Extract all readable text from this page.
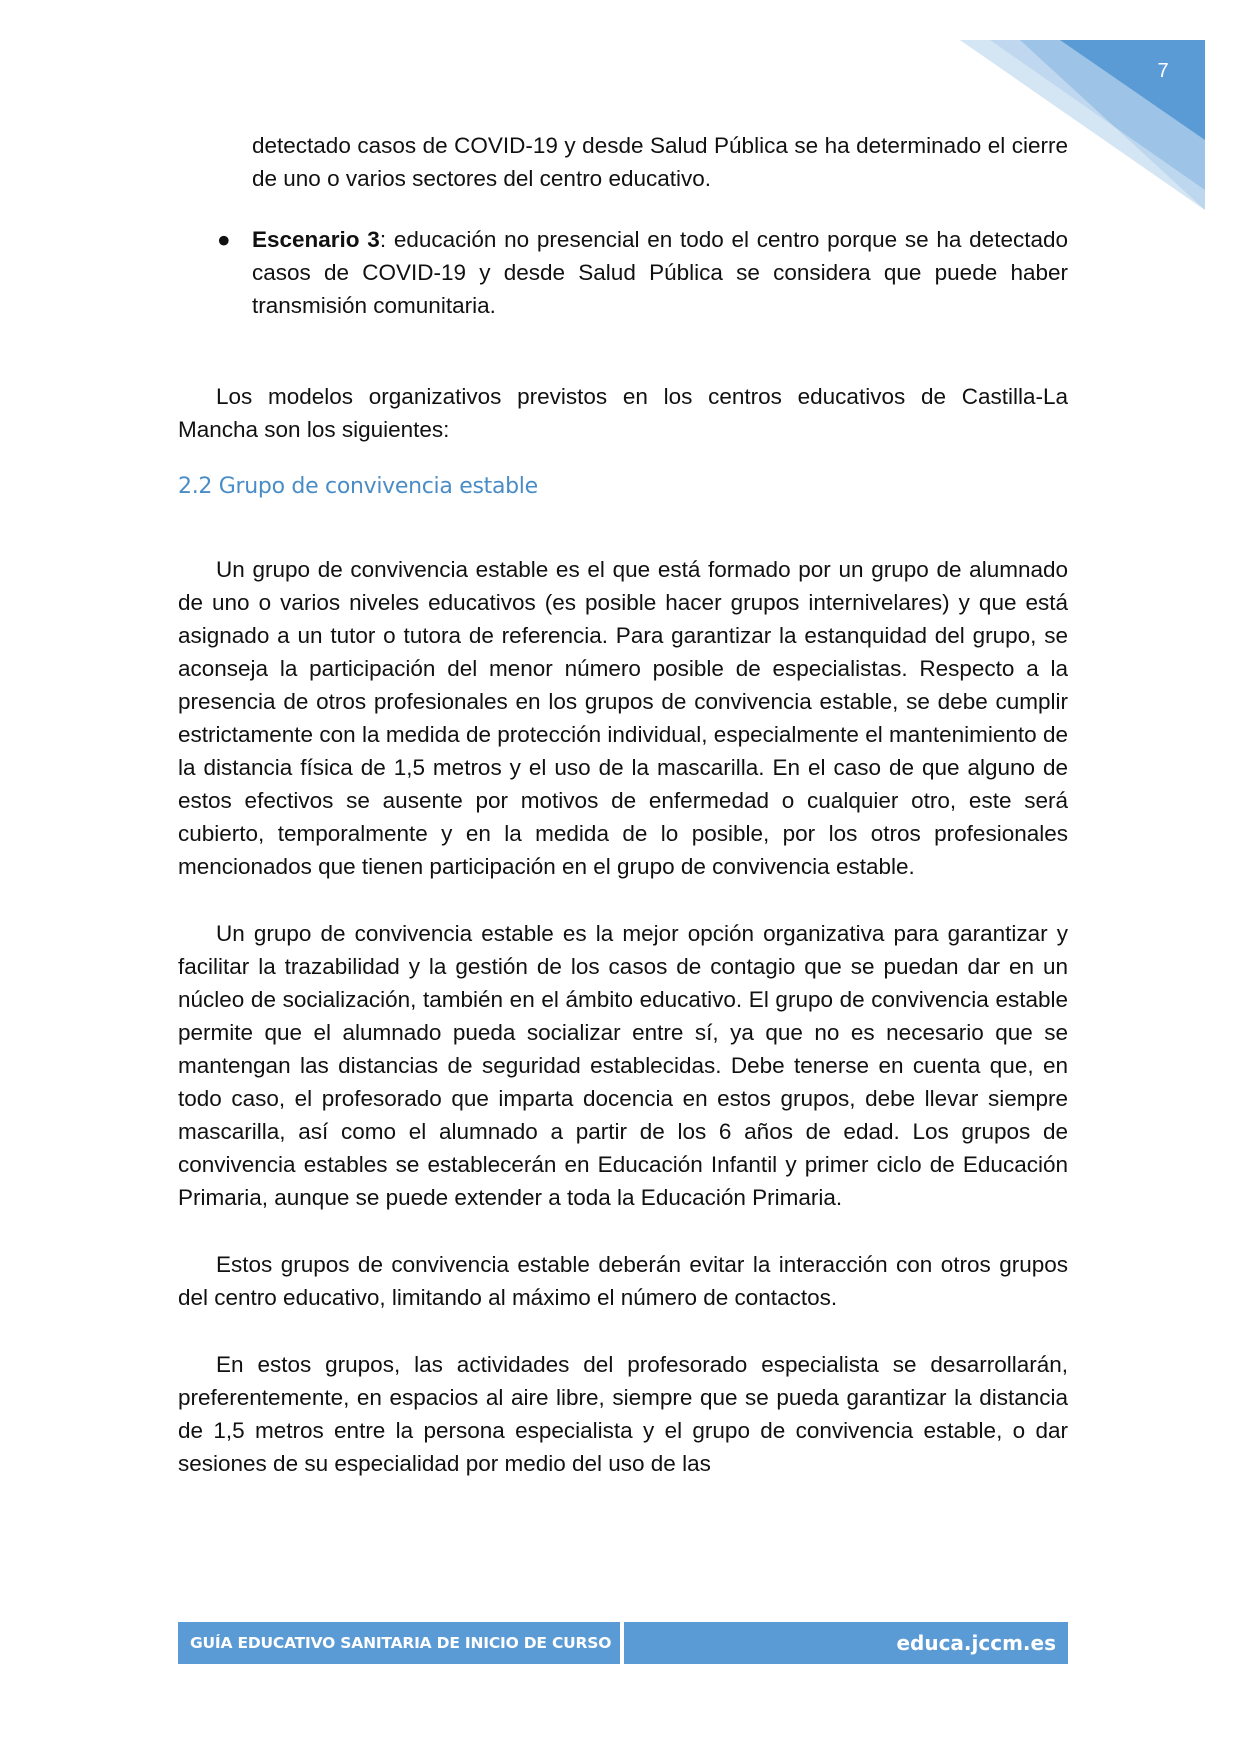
7

detectado casos de COVID-19 y desde Salud Pública se ha determinado el cierre de uno o varios sectores del centro educativo.

● Escenario 3: educación no presencial en todo el centro porque se ha detectado casos de COVID-19 y desde Salud Pública se considera que puede haber transmisión comunitaria.

Los modelos organizativos previstos en los centros educativos de Castilla-La Mancha son los siguientes:

2.2 Grupo de convivencia estable

Un grupo de convivencia estable es el que está formado por un grupo de alumnado de uno o varios niveles educativos (es posible hacer grupos internivelares) y que está asignado a un tutor o tutora de referencia. Para garantizar la estanquidad del grupo, se aconseja la participación del menor número posible de especialistas. Respecto a la presencia de otros profesionales en los grupos de convivencia estable, se debe cumplir estrictamente con la medida de protección individual, especialmente el mantenimiento de la distancia física de 1,5 metros y el uso de la mascarilla. En el caso de que alguno de estos efectivos se ausente por motivos de enfermedad o cualquier otro, este será cubierto, temporalmente y en la medida de lo posible, por los otros profesionales mencionados que tienen participación en el grupo de convivencia estable.

Un grupo de convivencia estable es la mejor opción organizativa para garantizar y facilitar la trazabilidad y la gestión de los casos de contagio que se puedan dar en un núcleo de socialización, también en el ámbito educativo. El grupo de convivencia estable permite que el alumnado pueda socializar entre sí, ya que no es necesario que se mantengan las distancias de seguridad establecidas. Debe tenerse en cuenta que, en todo caso, el profesorado que imparta docencia en estos grupos, debe llevar siempre mascarilla, así como el alumnado a partir de los 6 años de edad. Los grupos de convivencia estables se establecerán en Educación Infantil y primer ciclo de Educación Primaria, aunque se puede extender a toda la Educación Primaria.

Estos grupos de convivencia estable deberán evitar la interacción con otros grupos del centro educativo, limitando al máximo el número de contactos.

En estos grupos, las actividades del profesorado especialista se desarrollarán, preferentemente, en espacios al aire libre, siempre que se pueda garantizar la distancia de 1,5 metros entre la persona especialista y el grupo de convivencia estable, o dar sesiones de su especialidad por medio del uso de las

GUÍA EDUCATIVO SANITARIA DE INICIO DE CURSO	educa.jccm.es
